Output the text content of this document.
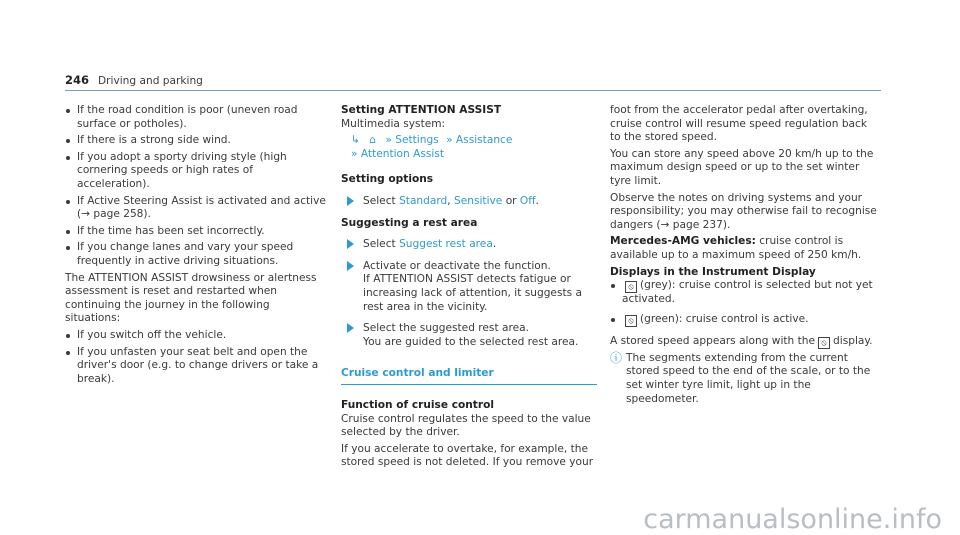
246 Driving and parking
If the road condition is poor (uneven road surface or potholes).
If there is a strong side wind.
If you adopt a sporty driving style (high cornering speeds or high rates of acceleration).
If Active Steering Assist is activated and active (→ page 258).
If the time has been set incorrectly.
If you change lanes and vary your speed frequently in active driving situations.

The ATTENTION ASSIST drowsiness or alertness assessment is reset and restarted when continuing the journey in the following situations:

If you switch off the vehicle.
If you unfasten your seat belt and open the driver's door (e.g. to change drivers or take a break).
Setting ATTENTION ASSIST

Multimedia system:

↳ ⌂ » Settings » Assistance
» Attention Assist
Setting options
Select Standard, Sensitive or Off.
Suggesting a rest area
Select Suggest rest area.
Activate or deactivate the function.
If ATTENTION ASSIST detects fatigue or increasing lack of attention, it suggests a rest area in the vicinity.
Select the suggested rest area.
You are guided to the selected rest area.
Cruise control and limiter
Function of cruise control

Cruise control regulates the speed to the value selected by the driver.

If you accelerate to overtake, for example, the stored speed is not deleted. If you remove your

foot from the accelerator pedal after overtaking, cruise control will resume speed regulation back to the stored speed.

You can store any speed above 20 km/h up to the maximum design speed or up to the set winter tyre limit.

Observe the notes on driving systems and your responsibility; you may otherwise fail to recognise dangers (→ page 237).

Mercedes-AMG vehicles: cruise control is available up to a maximum speed of 250 km/h.

Displays in the Instrument Display
⦸ (grey): cruise control is selected but not yet activated.
⦸ (green): cruise control is active.

A stored speed appears along with the ⦸ display.

ⓘ The segments extending from the current stored speed to the end of the scale, or to the set winter tyre limit, light up in the speedometer.
carmanualsonline.info
